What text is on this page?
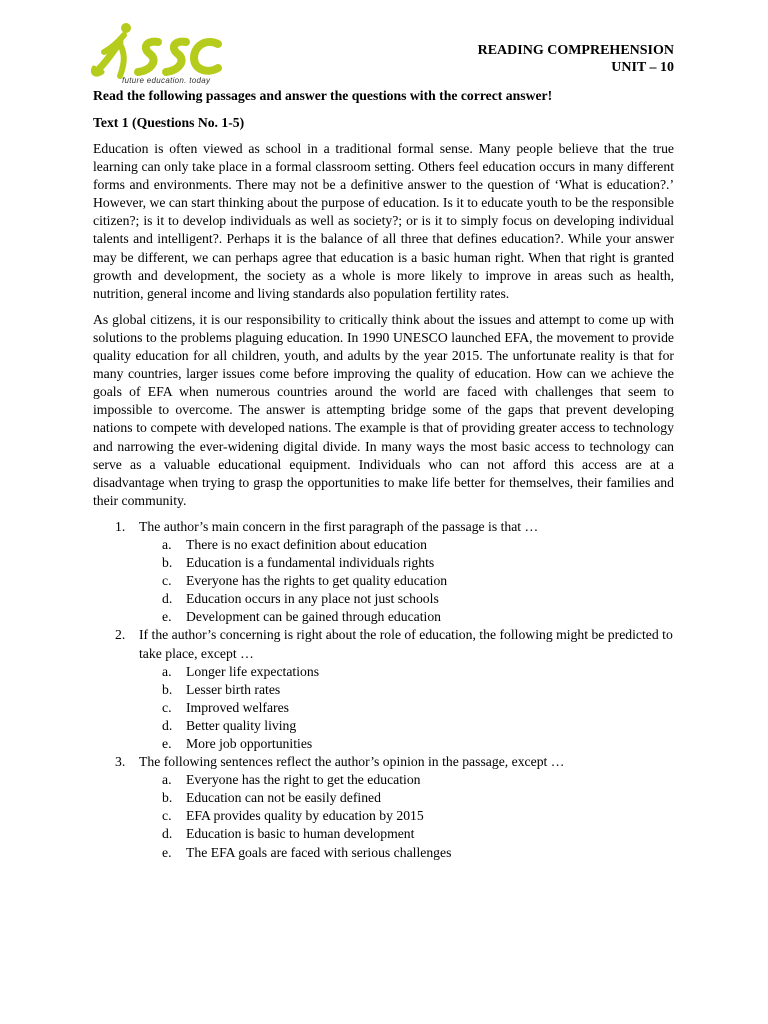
future education. today
READING COMPREHENSION
UNIT – 10

Read the following passages and answer the questions with the correct answer!

Text 1 (Questions No. 1-5)

Education is often viewed as school in a traditional formal sense. Many people believe that the true learning can only take place in a formal classroom setting. Others feel education occurs in many different forms and environments. There may not be a definitive answer to the question of ‘What is education?.’ However, we can start thinking about the purpose of education. Is it to educate youth to be the responsible citizen?; is it to develop individuals as well as society?; or is it to simply focus on developing individual talents and intelligent?. Perhaps it is the balance of all three that defines education?. While your answer may be different, we can perhaps agree that education is a basic human right. When that right is granted growth and development, the society as a whole is more likely to improve in areas such as health, nutrition, general income and living standards also population fertility rates.

As global citizens, it is our responsibility to critically think about the issues and attempt to come up with solutions to the problems plaguing education. In 1990 UNESCO launched EFA, the movement to provide quality education for all children, youth, and adults by the year 2015. The unfortunate reality is that for many countries, larger issues come before improving the quality of education. How can we achieve the goals of EFA when numerous countries around the world are faced with challenges that seem to impossible to overcome. The answer is attempting bridge some of the gaps that prevent developing nations to compete with developed nations. The example is that of providing greater access to technology and narrowing the ever-widening digital divide. In many ways the most basic access to technology can serve as a valuable educational equipment. Individuals who can not afford this access are at a disadvantage when trying to grasp the opportunities to make life better for themselves, their families and their community.

1. The author’s main concern in the first paragraph of the passage is that …
a. There is no exact definition about education
b. Education is a fundamental individuals rights
c. Everyone has the rights to get quality education
d. Education occurs in any place not just schools
e. Development can be gained through education
2. If the author’s concerning is right about the role of education, the following might be predicted to take place, except …
a. Longer life expectations
b. Lesser birth rates
c. Improved welfares
d. Better quality living
e. More job opportunities
3. The following sentences reflect the author’s opinion in the passage, except …
a. Everyone has the right to get the education
b. Education can not be easily defined
c. EFA provides quality by education by 2015
d. Education is basic to human development
e. The EFA goals are faced with serious challenges
